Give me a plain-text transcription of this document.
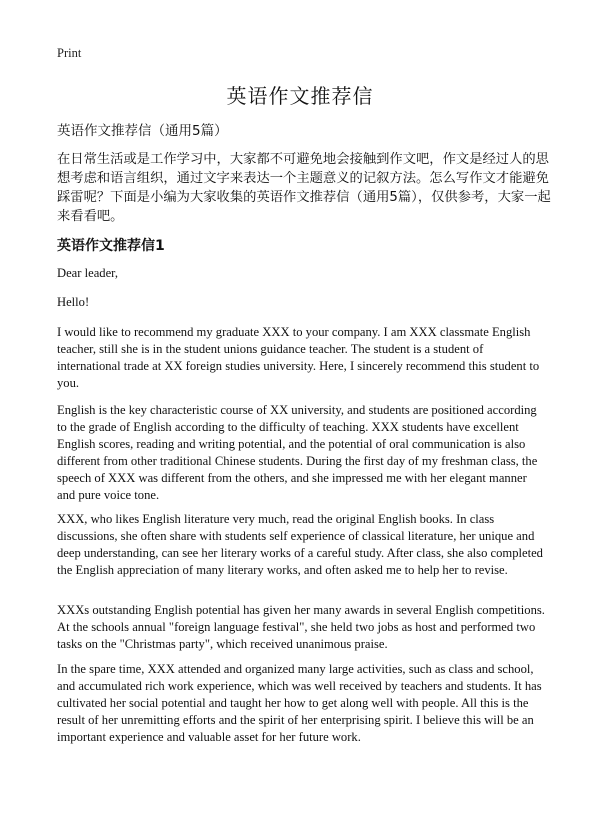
Print
英语作文推荐信

英语作文推荐信（通用5篇）

在日常生活或是工作学习中，大家都不可避免地会接触到作文吧，作文是经过人的思想考虑和语言组织，通过文字来表达一个主题意义的记叙方法。怎么写作文才能避免踩雷呢？下面是小编为大家收集的英语作文推荐信（通用5篇），仅供参考，大家一起来看看吧。

英语作文推荐信1

Dear leader,

Hello!

I would like to recommend my graduate XXX to your company. I am XXX classmate English teacher, still she is in the student unions guidance teacher. The student is a student of international trade at XX foreign studies university. Here, I sincerely recommend this student to you.

English is the key characteristic course of XX university, and students are positioned according to the grade of English according to the difficulty of teaching. XXX students have excellent English scores, reading and writing potential, and the potential of oral communication is also different from other traditional Chinese students. During the first day of my freshman class, the speech of XXX was different from the others, and she impressed me with her elegant manner and pure voice tone.

XXX, who likes English literature very much, read the original English books. In class discussions, she often share with students self experience of classical literature, her unique and deep understanding, can see her literary works of a careful study. After class, she also completed the English appreciation of many literary works, and often asked me to help her to revise.

XXXs outstanding English potential has given her many awards in several English competitions. At the schools annual "foreign language festival", she held two jobs as host and performed two tasks on the "Christmas party", which received unanimous praise.

In the spare time, XXX attended and organized many large activities, such as class and school, and accumulated rich work experience, which was well received by teachers and students. It has cultivated her social potential and taught her how to get along well with people. All this is the result of her unremitting efforts and the spirit of her enterprising spirit. I believe this will be an important experience and valuable asset for her future work.
